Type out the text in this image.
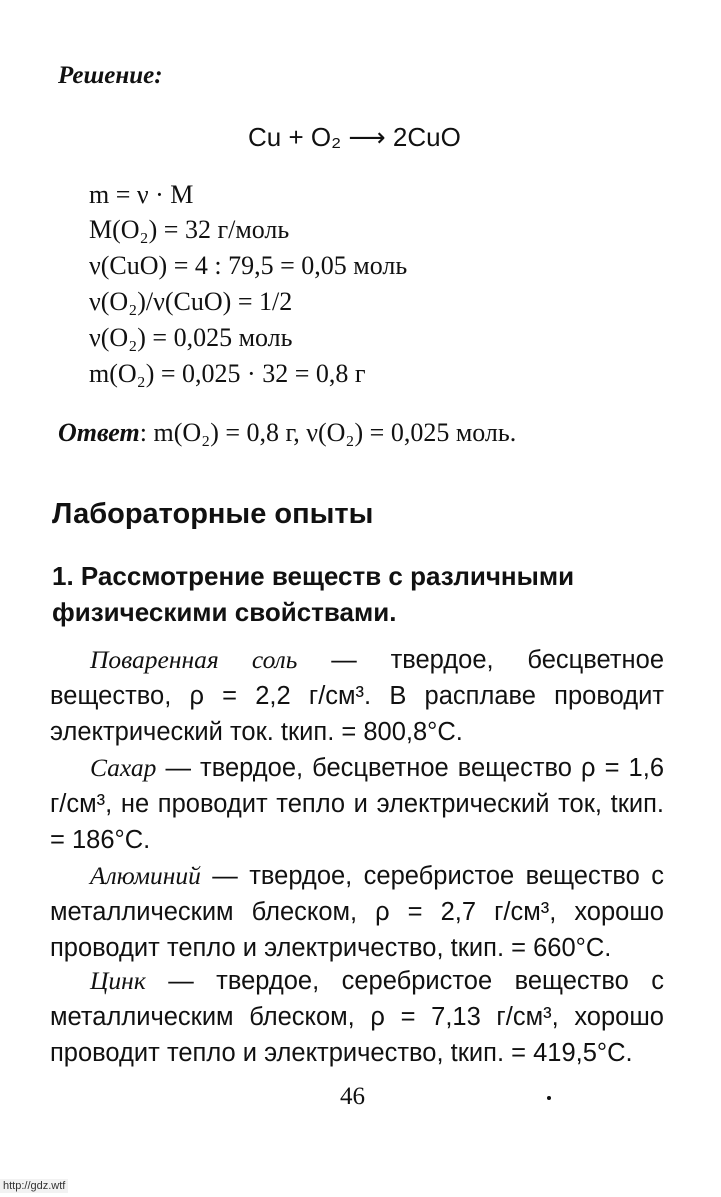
Решение:
Cu + O₂ ⟶ 2CuO
m = ν · M
M(O₂) = 32 г/моль
ν(CuO) = 4 : 79,5 = 0,05 моль
ν(O₂)/ν(CuO) = 1/2
ν(O₂) = 0,025 моль
m(O₂) = 0,025 · 32 = 0,8 г
Ответ: m(O₂) = 0,8 г, ν(O₂) = 0,025 моль.
Лабораторные опыты
1. Рассмотрение веществ с различными физическими свойствами.
Поваренная соль — твердое, бесцветное вещество, ρ = 2,2 г/см³. В расплаве проводит электрический ток. tкип. = 800,8°С.
Сахар — твердое, бесцветное вещество ρ = 1,6 г/см³, не проводит тепло и электрический ток, tкип. = 186°С.
Алюминий — твердое, серебристое вещество с металлическим блеском, ρ = 2,7 г/см³, хорошо проводит тепло и электричество, tкип. = 660°С.
Цинк — твердое, серебристое вещество с металлическим блеском, ρ = 7,13 г/см³, хорошо проводит тепло и электричество, tкип. = 419,5°С.
46
http://gdz.wtf
